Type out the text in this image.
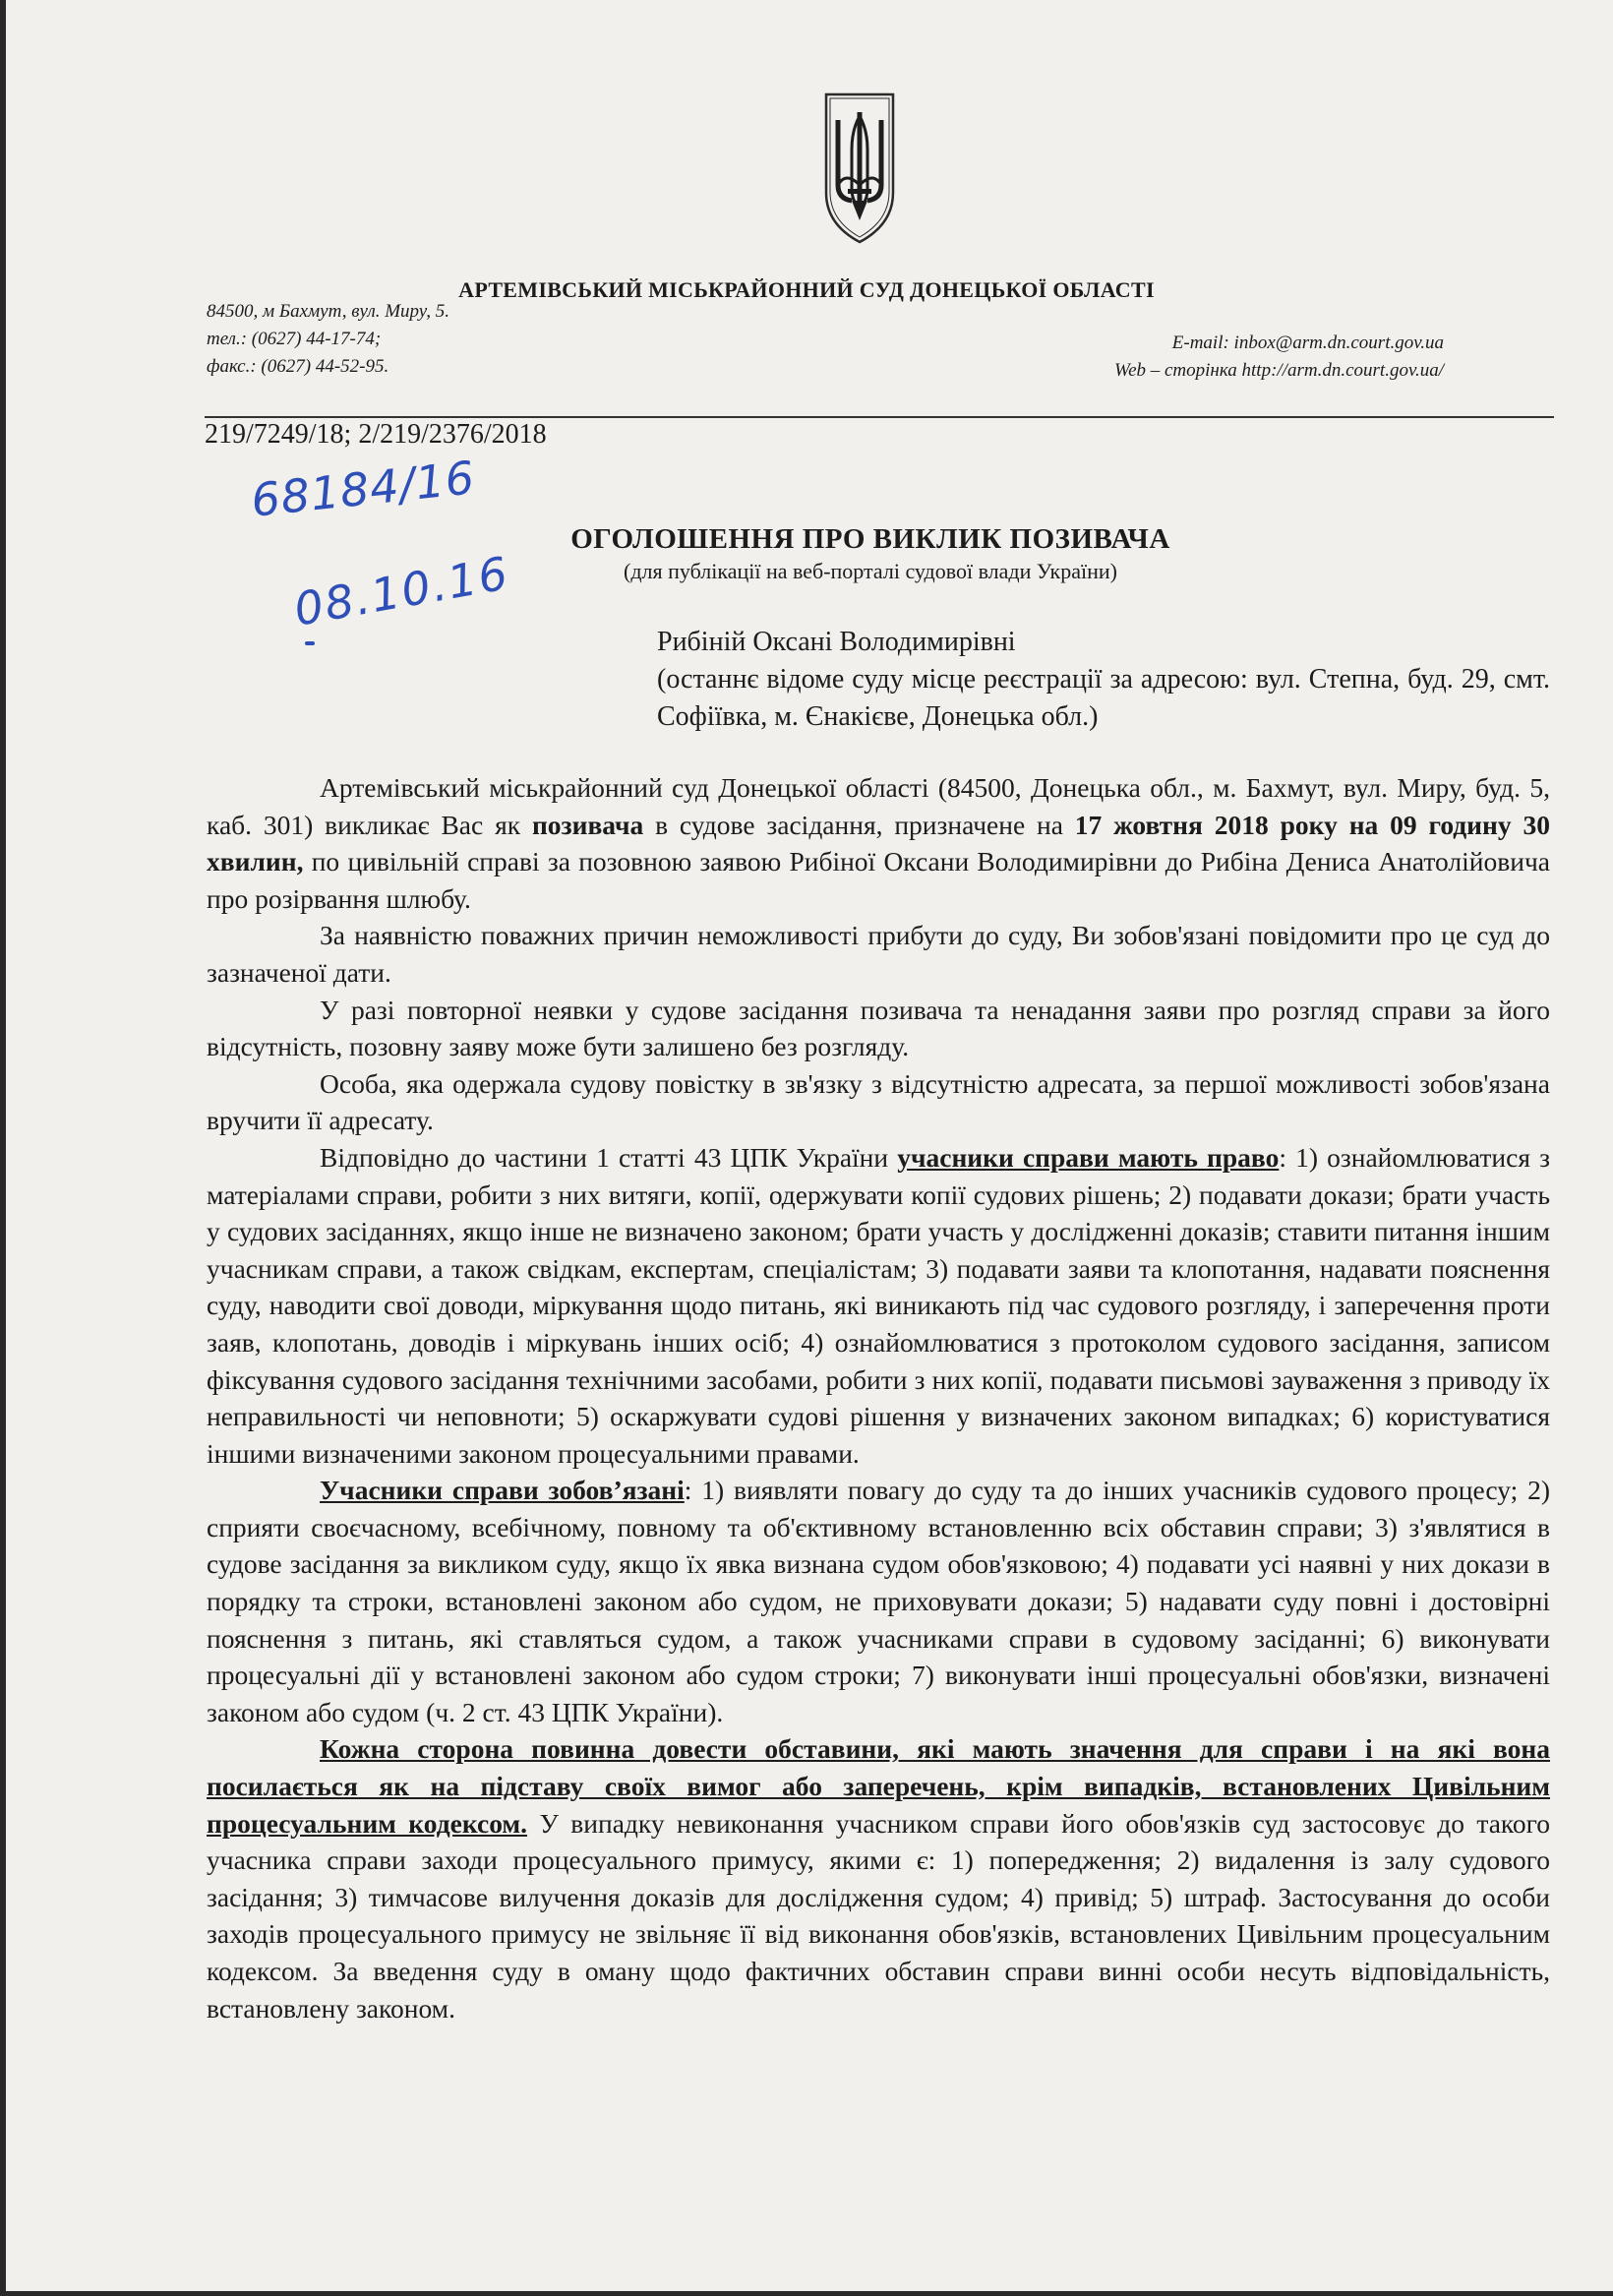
АРТЕМІВСЬКИЙ МІСЬКРАЙОННИЙ СУД ДОНЕЦЬКОЇ ОБЛАСТІ
84500, м Бахмут, вул. Миру, 5.
тел.: (0627) 44-17-74;
факс.: (0627) 44-52-95.
E-mail: inbox@arm.dn.court.gov.ua
Web – сторінка http://arm.dn.court.gov.ua/
219/7249/18; 2/219/2376/2018
68184/16
08.10.16
ОГОЛОШЕННЯ ПРО ВИКЛИК ПОЗИВАЧА
(для публікації на веб-порталі судової влади України)
Рибіній Оксані Володимирівні
(останнє відоме суду місце реєстрації за адресою: вул. Степна, буд. 29, смт. Софіївка, м. Єнакієве, Донецька обл.)

Артемівський міськрайонний суд Донецької області (84500, Донецька обл., м. Бахмут, вул. Миру, буд. 5, каб. 301) викликає Вас як позивача в судове засідання, призначене на 17 жовтня 2018 року на 09 годину 30 хвилин, по цивільній справі за позовною заявою Рибіної Оксани Володимирівни до Рибіна Дениса Анатолійовича про розірвання шлюбу.

За наявністю поважних причин неможливості прибути до суду, Ви зобов'язані повідомити про це суд до зазначеної дати.

У разі повторної неявки у судове засідання позивача та ненадання заяви про розгляд справи за його відсутність, позовну заяву може бути залишено без розгляду.

Особа, яка одержала судову повістку в зв'язку з відсутністю адресата, за першої можливості зобов'язана вручити її адресату.

Відповідно до частини 1 статті 43 ЦПК України учасники справи мають право: 1) ознайомлюватися з матеріалами справи, робити з них витяги, копії, одержувати копії судових рішень; 2) подавати докази; брати участь у судових засіданнях, якщо інше не визначено законом; брати участь у дослідженні доказів; ставити питання іншим учасникам справи, а також свідкам, експертам, спеціалістам; 3) подавати заяви та клопотання, надавати пояснення суду, наводити свої доводи, міркування щодо питань, які виникають під час судового розгляду, і заперечення проти заяв, клопотань, доводів і міркувань інших осіб; 4) ознайомлюватися з протоколом судового засідання, записом фіксування судового засідання технічними засобами, робити з них копії, подавати письмові зауваження з приводу їх неправильності чи неповноти; 5) оскаржувати судові рішення у визначених законом випадках; 6) користуватися іншими визначеними законом процесуальними правами.

Учасники справи зобов’язані: 1) виявляти повагу до суду та до інших учасників судового процесу; 2) сприяти своєчасному, всебічному, повному та об'єктивному встановленню всіх обставин справи; 3) з'являтися в судове засідання за викликом суду, якщо їх явка визнана судом обов'язковою; 4) подавати усі наявні у них докази в порядку та строки, встановлені законом або судом, не приховувати докази; 5) надавати суду повні і достовірні пояснення з питань, які ставляться судом, а також учасниками справи в судовому засіданні; 6) виконувати процесуальні дії у встановлені законом або судом строки; 7) виконувати інші процесуальні обов'язки, визначені законом або судом (ч. 2 ст. 43 ЦПК України).

Кожна сторона повинна довести обставини, які мають значення для справи і на які вона посилається як на підставу своїх вимог або заперечень, крім випадків, встановлених Цивільним процесуальним кодексом. У випадку невиконання учасником справи його обов'язків суд застосовує до такого учасника справи заходи процесуального примусу, якими є: 1) попередження; 2) видалення із залу судового засідання; 3) тимчасове вилучення доказів для дослідження судом; 4) привід; 5) штраф. Застосування до особи заходів процесуального примусу не звільняє її від виконання обов'язків, встановлених Цивільним процесуальним кодексом. За введення суду в оману щодо фактичних обставин справи винні особи несуть відповідальність, встановлену законом.
